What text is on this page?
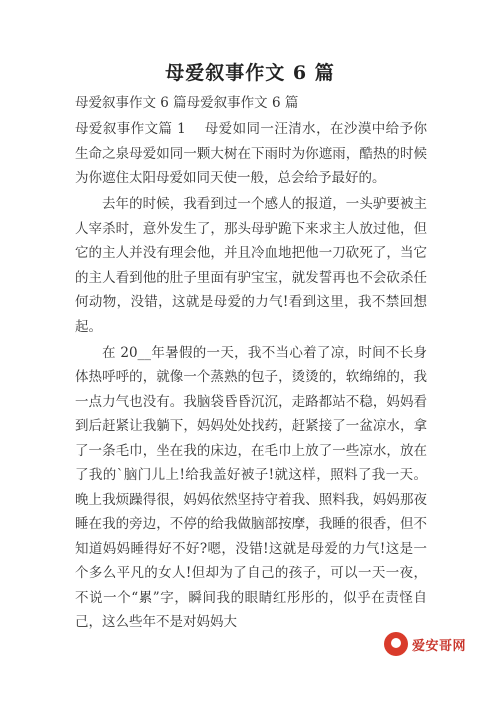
母爱叙事作文 6 篇
母爱叙事作文 6 篇母爱叙事作文 6 篇

母爱叙事作文篇 1　 母爱如同一汪清水，在沙漠中给予你生命之泉母爱如同一颗大树在下雨时为你遮雨，酷热的时候为你遮住太阳母爱如同天使一般，总会给予最好的。

去年的时候，我看到过一个感人的报道，一头驴要被主人宰杀时，意外发生了，那头母驴跪下来求主人放过他，但它的主人并没有理会他，并且冷血地把他一刀砍死了，当它的主人看到他的肚子里面有驴宝宝，就发誓再也不会砍杀任何动物，没错，这就是母爱的力气!看到这里，我不禁回想起。

在 20__年暑假的一天，我不当心着了凉，时间不长身体热呼呼的，就像一个蒸熟的包子，烫烫的，软绵绵的，我一点力气也没有。我脑袋昏昏沉沉，走路都站不稳，妈妈看到后赶紧让我躺下，妈妈处处找药，赶紧接了一盆凉水，拿了一条毛巾，坐在我的床边，在毛巾上放了一些凉水，放在了我的`脑门儿上!给我盖好被子!就这样，照料了我一天。晚上我烦躁得很，妈妈依然坚持守着我、照料我，妈妈那夜睡在我的旁边，不停的给我做脑部按摩，我睡的很香，但不知道妈妈睡得好不好?嗯，没错!这就是母爱的力气!这是一个多么平凡的女人!但却为了自己的孩子，可以一天一夜，不说一个“累”字，瞬间我的眼睛红彤彤的，似乎在责怪自己，这么些年不是对妈妈大

爱安哥网
